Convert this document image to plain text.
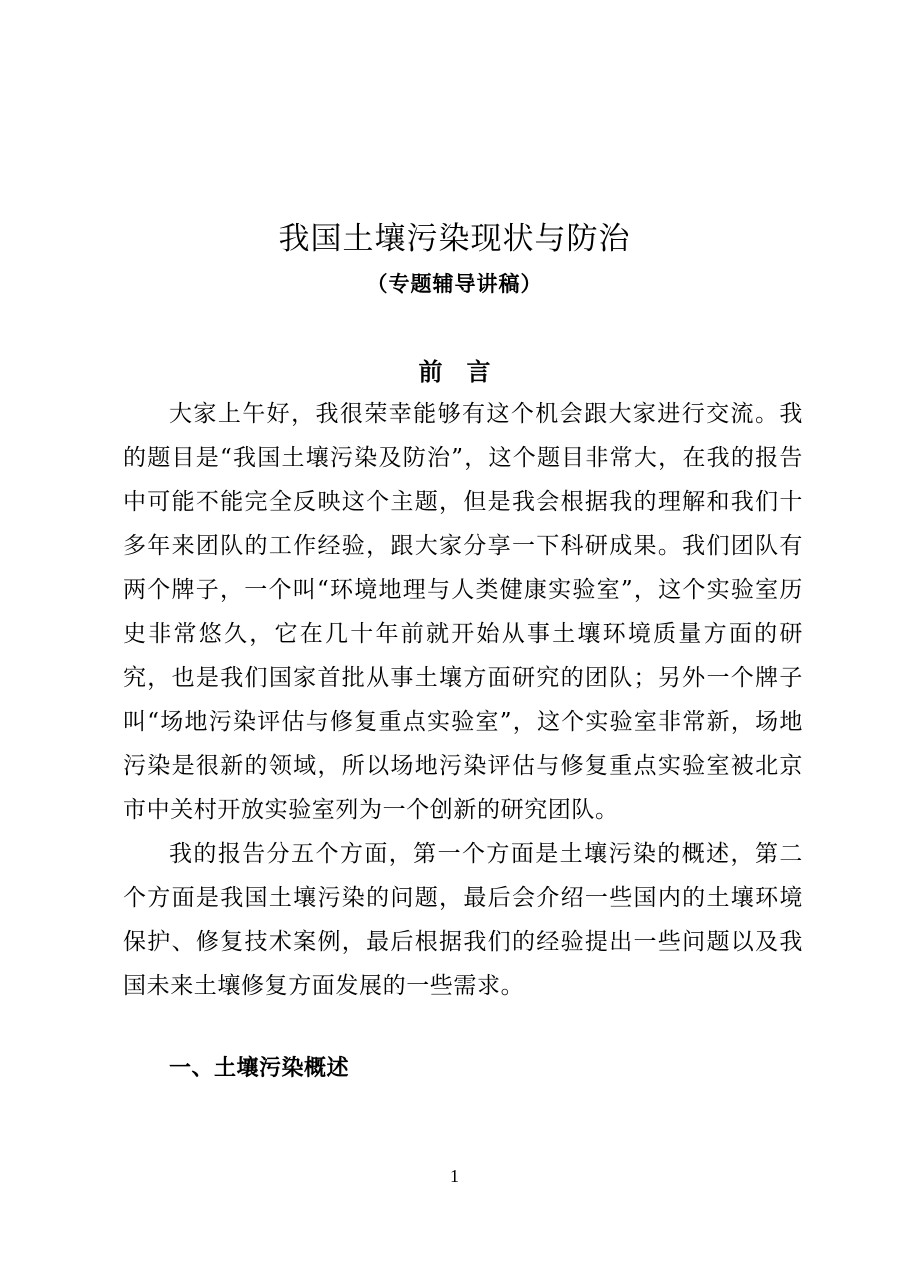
我国土壤污染现状与防治
（专题辅导讲稿）
前　言

大家上午好，我很荣幸能够有这个机会跟大家进行交流。我的题目是“我国土壤污染及防治”，这个题目非常大，在我的报告中可能不能完全反映这个主题，但是我会根据我的理解和我们十多年来团队的工作经验，跟大家分享一下科研成果。我们团队有两个牌子，一个叫“环境地理与人类健康实验室”，这个实验室历史非常悠久，它在几十年前就开始从事土壤环境质量方面的研究，也是我们国家首批从事土壤方面研究的团队；另外一个牌子叫“场地污染评估与修复重点实验室”，这个实验室非常新，场地污染是很新的领域，所以场地污染评估与修复重点实验室被北京市中关村开放实验室列为一个创新的研究团队。

我的报告分五个方面，第一个方面是土壤污染的概述，第二个方面是我国土壤污染的问题，最后会介绍一些国内的土壤环境保护、修复技术案例，最后根据我们的经验提出一些问题以及我国未来土壤修复方面发展的一些需求。

一、土壤污染概述
1
